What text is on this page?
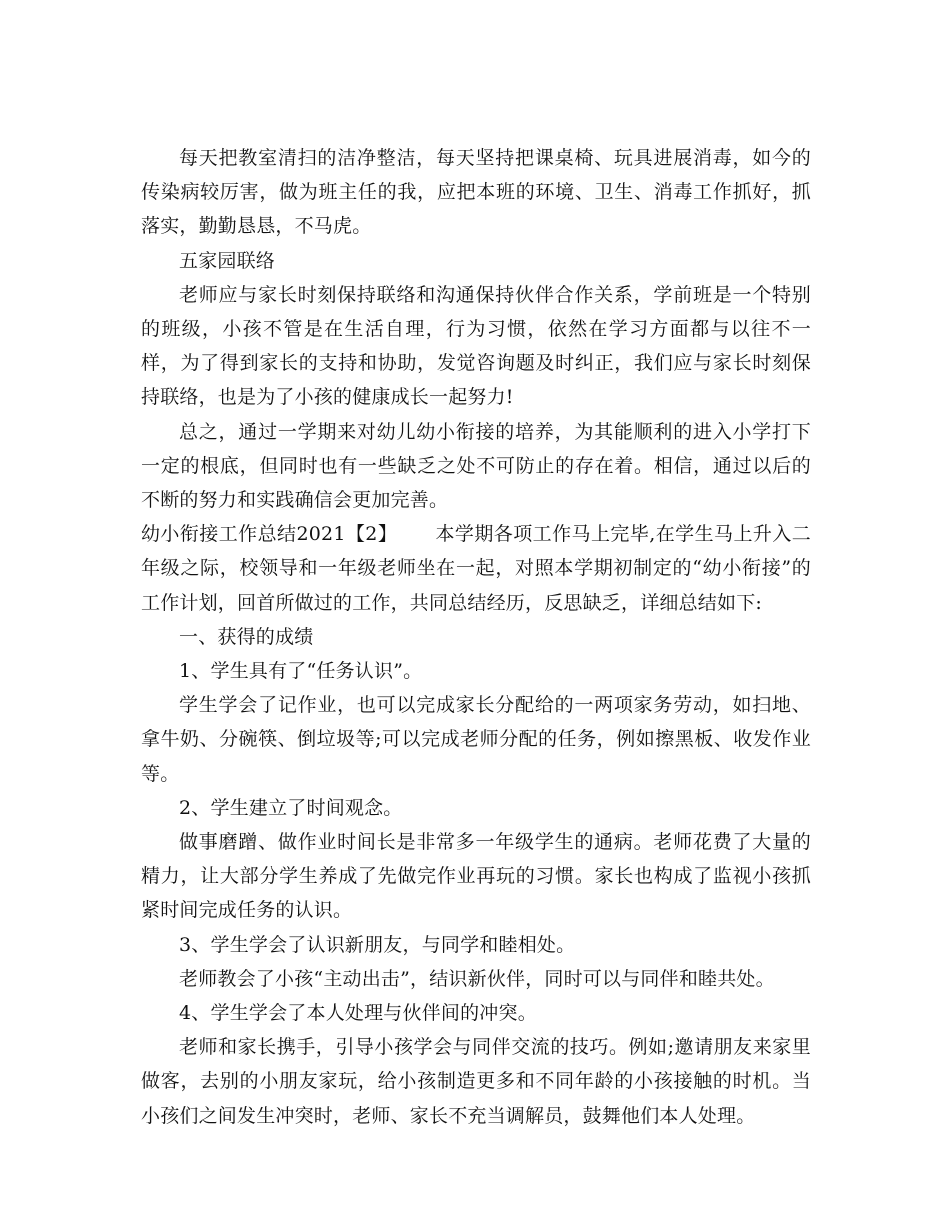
每天把教室清扫的洁净整洁，每天坚持把课桌椅、玩具进展消毒，如今的传染病较厉害，做为班主任的我，应把本班的环境、卫生、消毒工作抓好，抓落实，勤勤恳恳，不马虎。

五家园联络

老师应与家长时刻保持联络和沟通保持伙伴合作关系，学前班是一个特别的班级，小孩不管是在生活自理，行为习惯，依然在学习方面都与以往不一样，为了得到家长的支持和协助，发觉咨询题及时纠正，我们应与家长时刻保持联络，也是为了小孩的健康成长一起努力!

总之，通过一学期来对幼儿幼小衔接的培养，为其能顺利的进入小学打下一定的根底，但同时也有一些缺乏之处不可防止的存在着。相信，通过以后的不断的努力和实践确信会更加完善。

幼小衔接工作总结2021【2】 本学期各项工作马上完毕,在学生马上升入二年级之际，校领导和一年级老师坐在一起，对照本学期初制定的“幼小衔接”的工作计划，回首所做过的工作，共同总结经历，反思缺乏，详细总结如下:

一、获得的成绩

1、学生具有了“任务认识”。

学生学会了记作业，也可以完成家长分配给的一两项家务劳动，如扫地、拿牛奶、分碗筷、倒垃圾等;可以完成老师分配的任务，例如擦黑板、收发作业等。

2、学生建立了时间观念。

做事磨蹭、做作业时间长是非常多一年级学生的通病。老师花费了大量的精力，让大部分学生养成了先做完作业再玩的习惯。家长也构成了监视小孩抓紧时间完成任务的认识。

3、学生学会了认识新朋友，与同学和睦相处。

老师教会了小孩“主动出击”，结识新伙伴，同时可以与同伴和睦共处。

4、学生学会了本人处理与伙伴间的冲突。

老师和家长携手，引导小孩学会与同伴交流的技巧。例如;邀请朋友来家里做客，去别的小朋友家玩，给小孩制造更多和不同年龄的小孩接触的时机。当小孩们之间发生冲突时，老师、家长不充当调解员，鼓舞他们本人处理。
